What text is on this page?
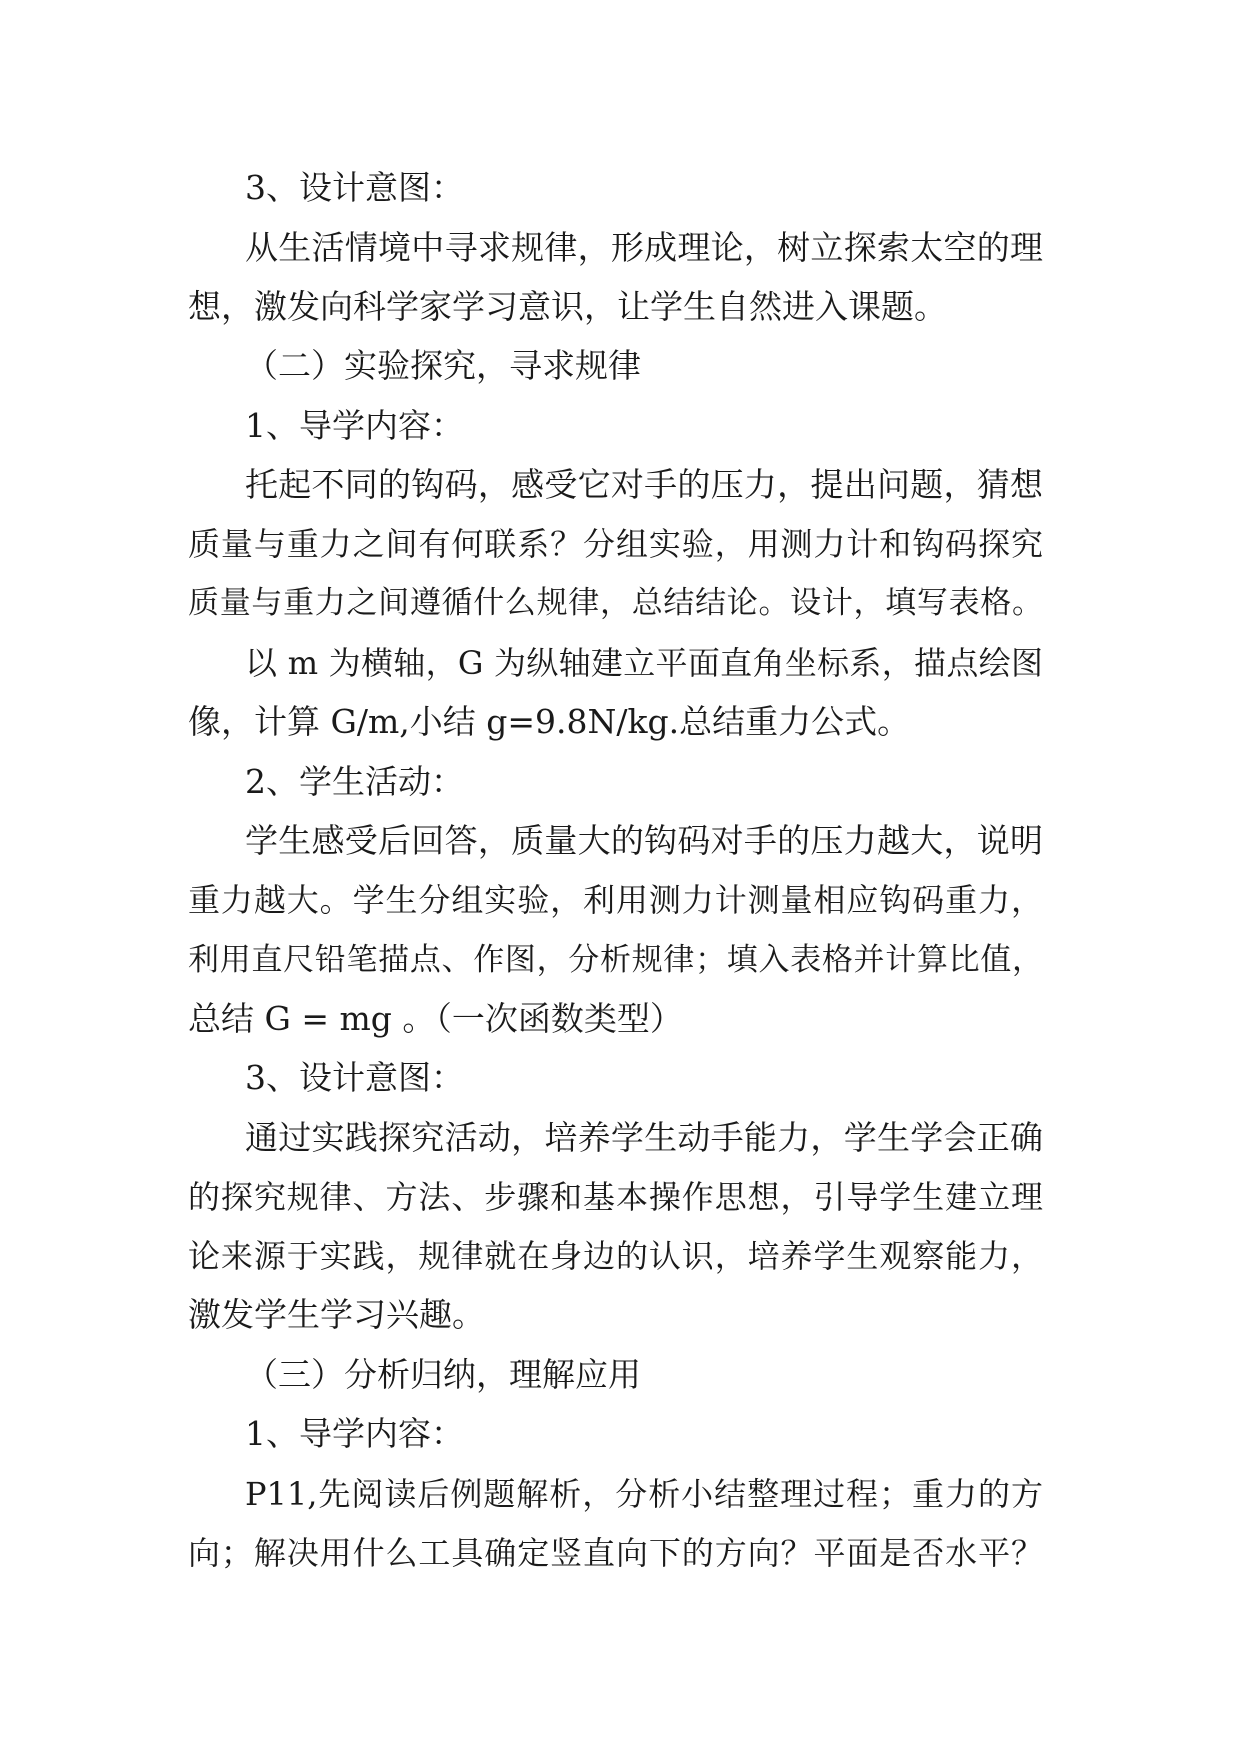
3、设计意图：
从生活情境中寻求规律，形成理论，树立探索太空的理
想，激发向科学家学习意识，让学生自然进入课题。
（二）实验探究，寻求规律
1、导学内容：
托起不同的钩码，感受它对手的压力，提出问题，猜想
质量与重力之间有何联系？分组实验，用测力计和钩码探究
质量与重力之间遵循什么规律，总结结论。设计，填写表格。
以 m 为横轴，G 为纵轴建立平面直角坐标系，描点绘图
像，计算 G/m,小结 g=9.8N/kg.总结重力公式。
2、学生活动：
学生感受后回答，质量大的钩码对手的压力越大，说明
重力越大。学生分组实验，利用测力计测量相应钩码重力，
利用直尺铅笔描点、作图，分析规律；填入表格并计算比值，
总结 G = mg 。（一次函数类型）
3、设计意图：
通过实践探究活动，培养学生动手能力，学生学会正确
的探究规律、方法、步骤和基本操作思想，引导学生建立理
论来源于实践，规律就在身边的认识，培养学生观察能力，
激发学生学习兴趣。
（三）分析归纳，理解应用
1、导学内容：
P11,先阅读后例题解析，分析小结整理过程；重力的方
向；解决用什么工具确定竖直向下的方向？平面是否水平？
